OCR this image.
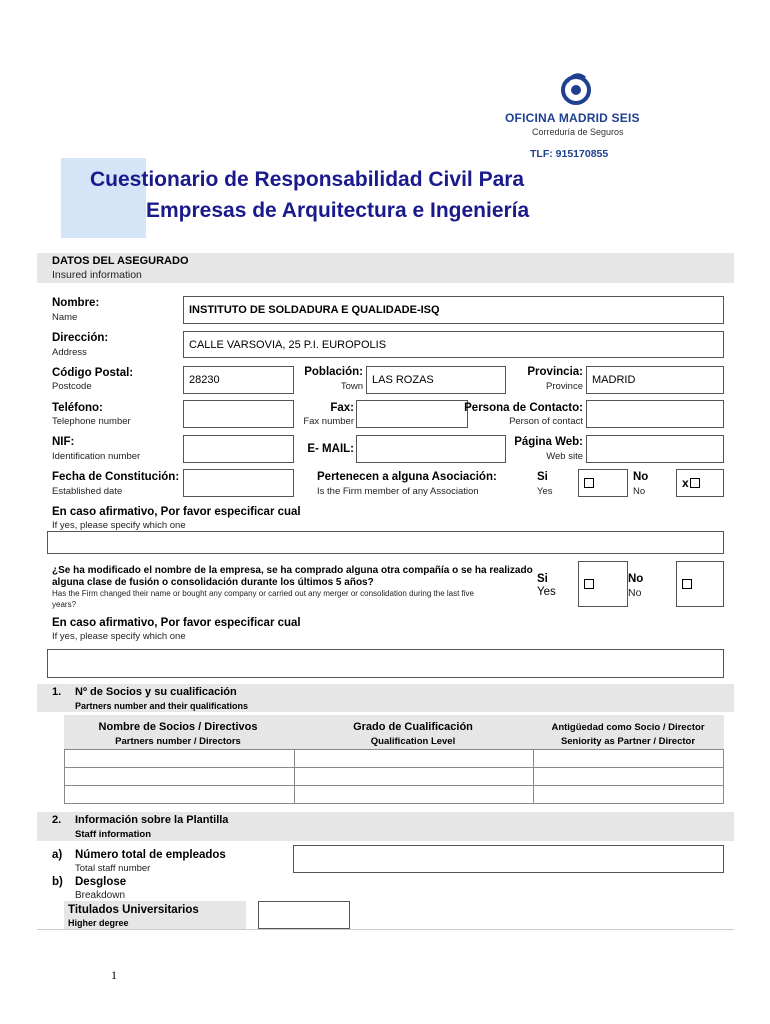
OFICINA MADRID SEIS
Correduría de Seguros
TLF: 915170855
Cuestionario de Responsabilidad Civil Para
Empresas de Arquitectura e Ingeniería
DATOS DEL ASEGURADO
Insured information
Nombre:
Name
INSTITUTO DE SOLDADURA E QUALIDADE-ISQ
Dirección:
Address
CALLE VARSOVIA, 25 P.I. EUROPOLIS
Código Postal:
Postcode
28230
Población:
Town
LAS ROZAS
Provincia:
Province
MADRID
Teléfono:
Telephone number
Fax:
Fax number
Persona de Contacto:
Person of contact
NIF:
Identification number
E- MAIL:
Página Web:
Web site
Fecha de Constitución:
Established date
Pertenecen a alguna Asociación:
Is the Firm member of any Association
Si
Yes
No
No
x
En caso afirmativo, Por favor especificar cual
If yes, please specify which one
¿Se ha modificado el nombre de la empresa, se ha comprado alguna otra compañía o se ha realizado
alguna clase de fusión o consolidación durante los últimos 5 años?
Has the Firm changed their name or bought any company or carried out any merger or consolidation during the last five
years?
Si
Yes
No
No
En caso afirmativo, Por favor especificar cual
If yes, please specify which one
1. Nº de Socios y su cualificación
Partners number and their qualifications
Nombre de Socios / Directivos
Partners number / Directors
Grado de Cualificación
Qualification Level
Antigüedad como Socio / Director
Seniority as Partner / Director

2. Información sobre la Plantilla
Staff information
a) Número total de empleados
Total staff number
b) Desglose
Breakdown
Titulados Universitarios
Higher degree
1
